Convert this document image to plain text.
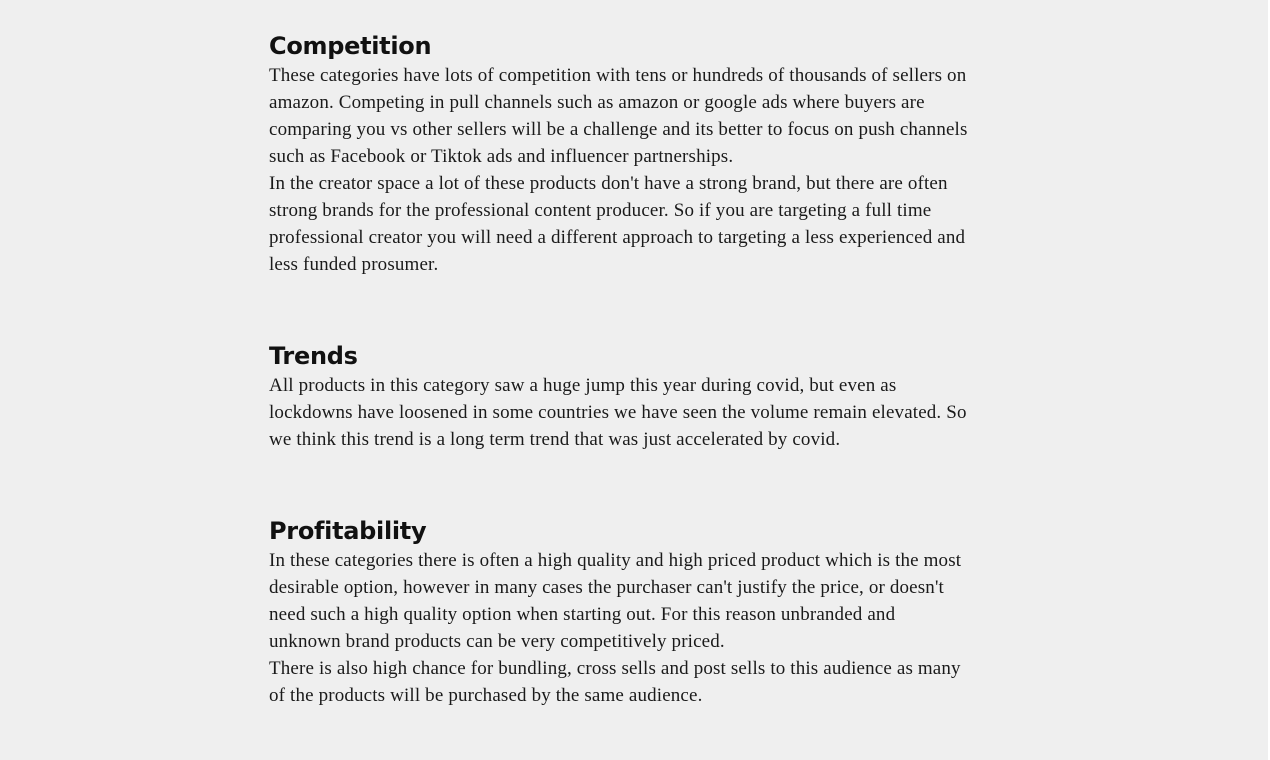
Competition

These categories have lots of competition with tens or hundreds of thousands of sellers on amazon. Competing in pull channels such as amazon or google ads where buyers are comparing you vs other sellers will be a challenge and its better to focus on push channels such as Facebook or Tiktok ads and influencer partnerships.

In the creator space a lot of these products don't have a strong brand, but there are often strong brands for the professional content producer. So if you are targeting a full time professional creator you will need a different approach to targeting a less experienced and less funded prosumer.

Trends

All products in this category saw a huge jump this year during covid, but even as lockdowns have loosened in some countries we have seen the volume remain elevated. So we think this trend is a long term trend that was just accelerated by covid.

Profitability

In these categories there is often a high quality and high priced product which is the most desirable option, however in many cases the purchaser can't justify the price, or doesn't need such a high quality option when starting out. For this reason unbranded and unknown brand products can be very competitively priced.

There is also high chance for bundling, cross sells and post sells to this audience as many of the products will be purchased by the same audience.
